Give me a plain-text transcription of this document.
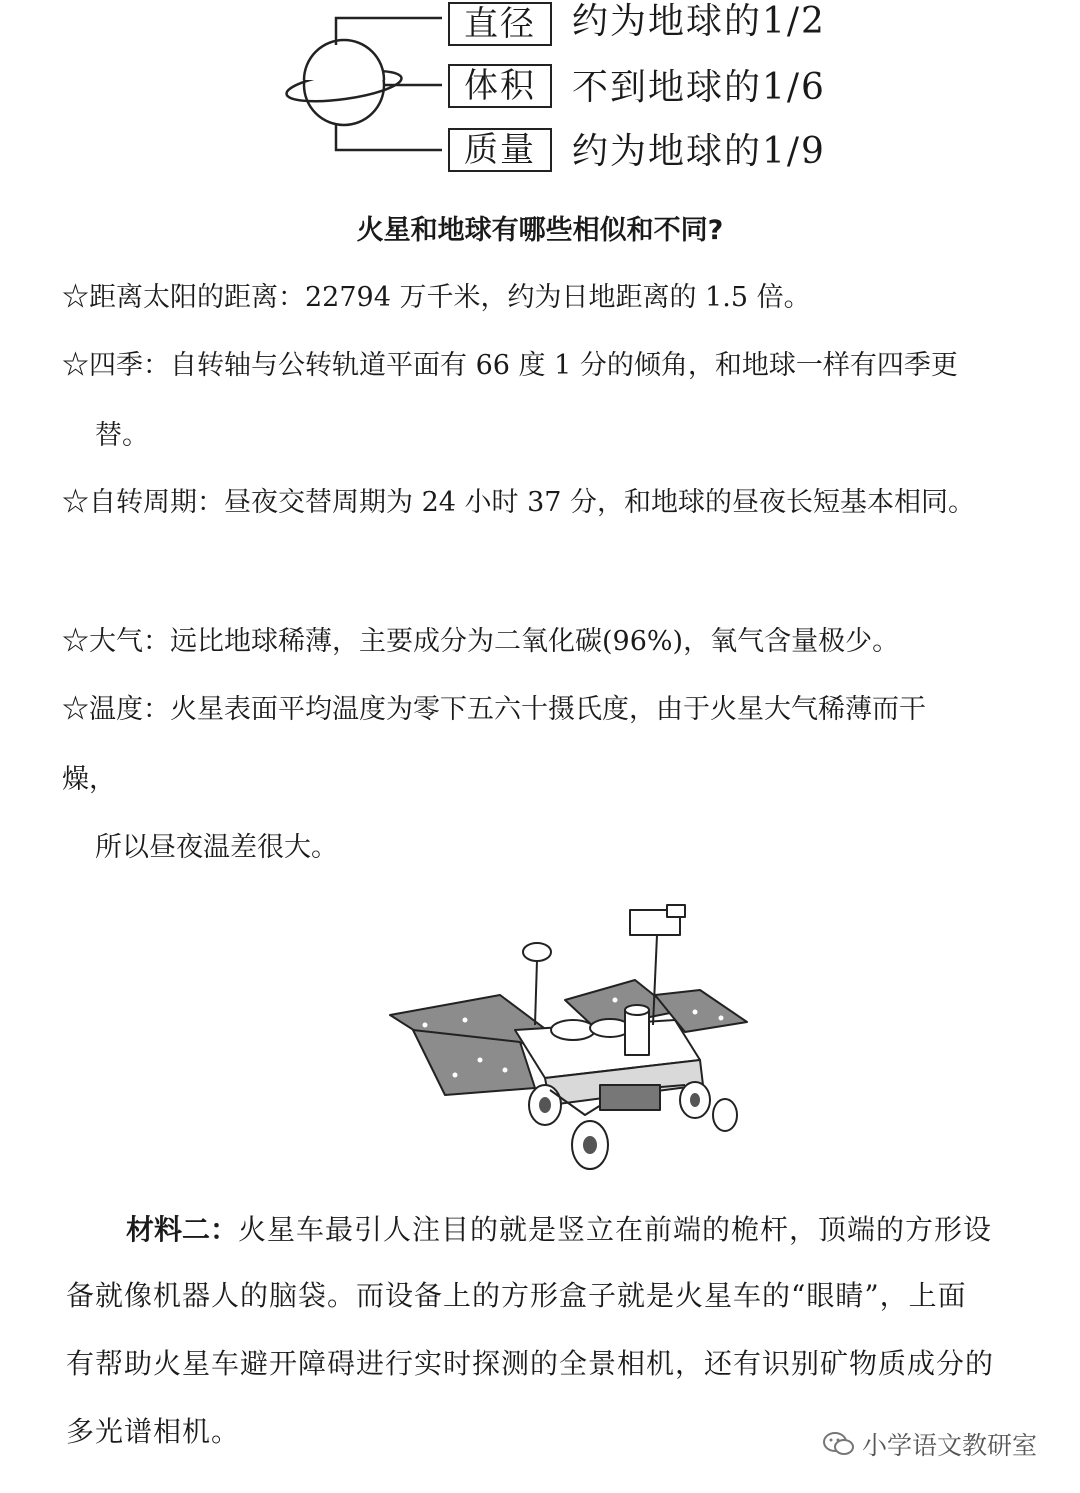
直径	约为地球的1/2
体积	不到地球的1/6
质量	约为地球的1/9
火星和地球有哪些相似和不同?
☆距离太阳的距离：22794 万千米，约为日地距离的 1.5 倍。
☆四季：自转轴与公转轨道平面有 66 度 1 分的倾角，和地球一样有四季更
替。
☆自转周期：昼夜交替周期为 24 小时 37 分，和地球的昼夜长短基本相同。
☆大气：远比地球稀薄，主要成分为二氧化碳(96%)，氧气含量极少。
☆温度：火星表面平均温度为零下五六十摄氏度，由于火星大气稀薄而干
燥，
所以昼夜温差很大。
材料二：火星车最引人注目的就是竖立在前端的桅杆，顶端的方形设
备就像机器人的脑袋。而设备上的方形盒子就是火星车的“眼睛”，上面
有帮助火星车避开障碍进行实时探测的全景相机，还有识别矿物质成分的
多光谱相机。	小学语文教研室
